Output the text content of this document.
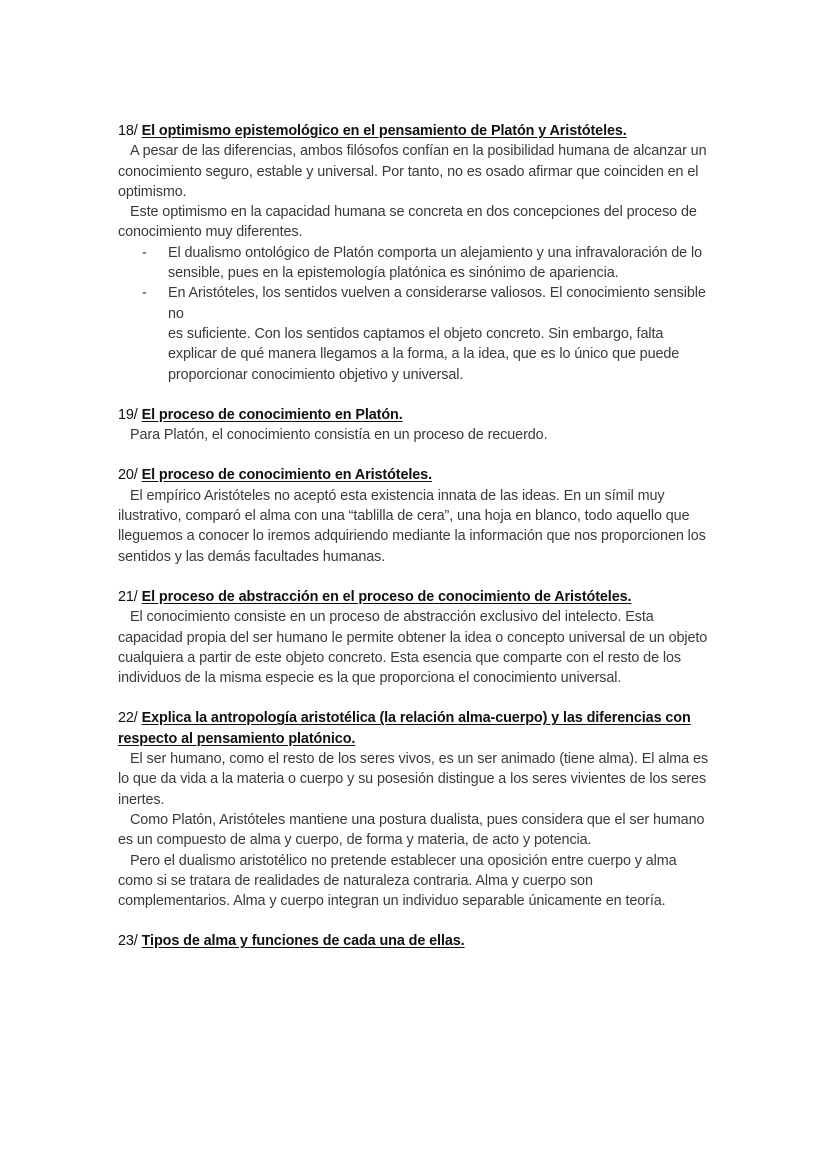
18/ El optimismo epistemológico en el pensamiento de Platón y Aristóteles.

A pesar de las diferencias, ambos filósofos confían en la posibilidad humana de alcanzar un conocimiento seguro, estable y universal. Por tanto, no es osado afirmar que coinciden en el optimismo.

Este optimismo en la capacidad humana se concreta en dos concepciones del proceso de conocimiento muy diferentes.

- El dualismo ontológico de Platón comporta un alejamiento y una infravaloración de lo sensible, pues en la epistemología platónica es sinónimo de apariencia.
- En Aristóteles, los sentidos vuelven a considerarse valiosos. El conocimiento sensible no
es suficiente. Con los sentidos captamos el objeto concreto. Sin embargo, falta explicar de qué manera llegamos a la forma, a la idea, que es lo único que puede proporcionar conocimiento objetivo y universal.
19/ El proceso de conocimiento en Platón.

Para Platón, el conocimiento consistía en un proceso de recuerdo.

20/ El proceso de conocimiento en Aristóteles.

El empírico Aristóteles no aceptó esta existencia innata de las ideas. En un símil muy ilustrativo, comparó el alma con una “tablilla de cera”, una hoja en blanco, todo aquello que lleguemos a conocer lo iremos adquiriendo mediante la información que nos proporcionen los sentidos y las demás facultades humanas.

21/ El proceso de abstracción en el proceso de conocimiento de Aristóteles.

El conocimiento consiste en un proceso de abstracción exclusivo del intelecto. Esta capacidad propia del ser humano le permite obtener la idea o concepto universal de un objeto cualquiera a partir de este objeto concreto. Esta esencia que comparte con el resto de los individuos de la misma especie es la que proporciona el conocimiento universal.

22/ Explica la antropología aristotélica (la relación alma-cuerpo) y las diferencias con respecto al pensamiento platónico.

El ser humano, como el resto de los seres vivos, es un ser animado (tiene alma). El alma es lo que da vida a la materia o cuerpo y su posesión distingue a los seres vivientes de los seres inertes.

Como Platón, Aristóteles mantiene una postura dualista, pues considera que el ser humano es un compuesto de alma y cuerpo, de forma y materia, de acto y potencia.

Pero el dualismo aristotélico no pretende establecer una oposición entre cuerpo y alma como si se tratara de realidades de naturaleza contraria. Alma y cuerpo son complementarios. Alma y cuerpo integran un individuo separable únicamente en teoría.

23/ Tipos de alma y funciones de cada una de ellas.
